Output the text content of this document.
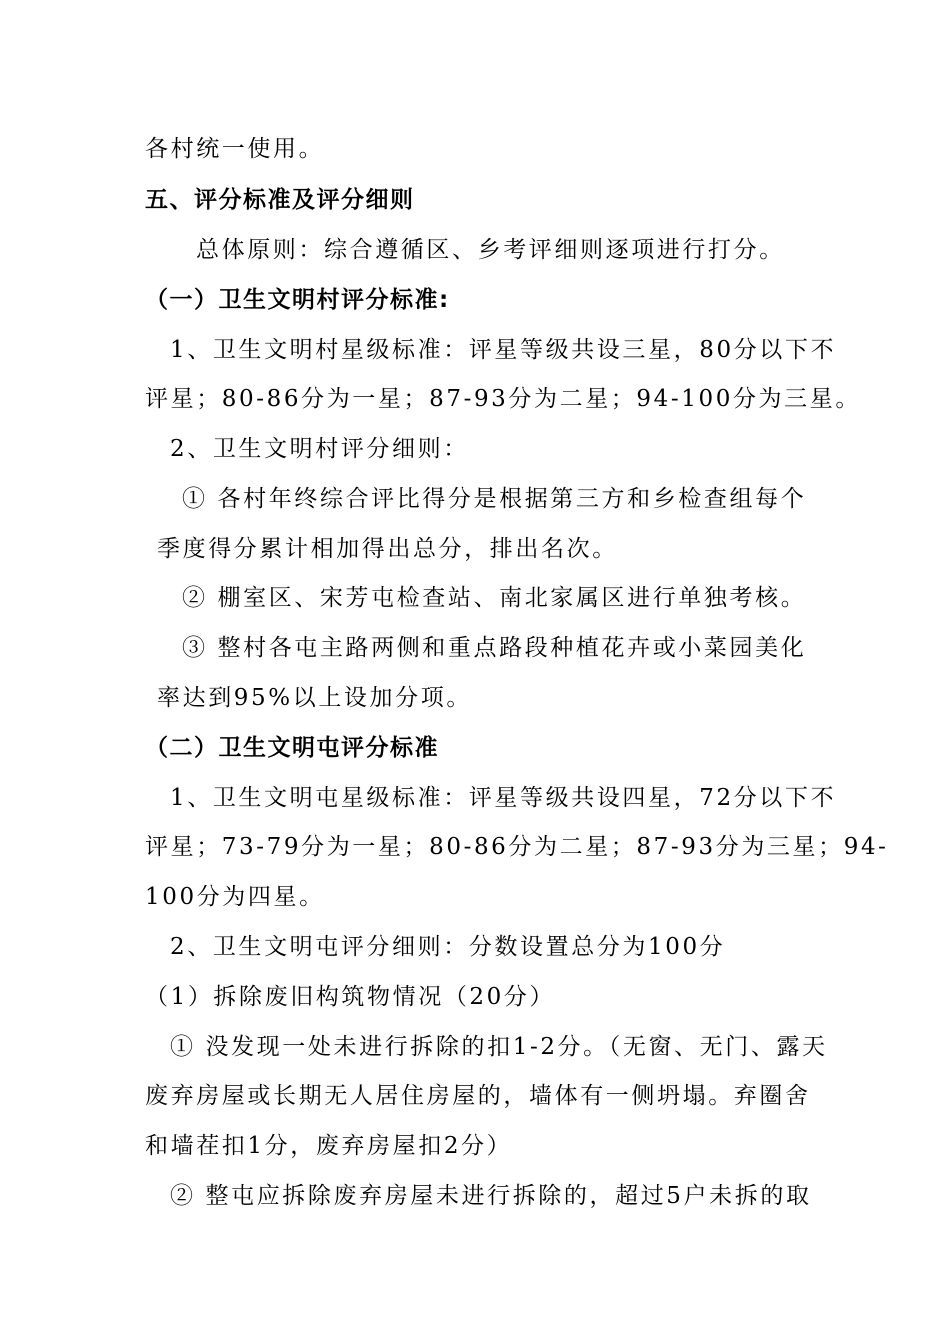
各村统一使用。
五、评分标准及评分细则
总体原则：综合遵循区、乡考评细则逐项进行打分。
（一）卫生文明村评分标准:
1、卫生文明村星级标准：评星等级共设三星，80分以下不
评星；80-86分为一星；87-93分为二星；94-100分为三星。
2、卫生文明村评分细则：
① 各村年终综合评比得分是根据第三方和乡检查组每个
季度得分累计相加得出总分，排出名次。
② 棚室区、宋芳屯检查站、南北家属区进行单独考核。
③ 整村各屯主路两侧和重点路段种植花卉或小菜园美化
率达到95%以上设加分项。
（二）卫生文明屯评分标准
1、卫生文明屯星级标准：评星等级共设四星，72分以下不
评星；73-79分为一星；80-86分为二星；87-93分为三星；94-
100分为四星。
2、卫生文明屯评分细则：分数设置总分为100分
（1）拆除废旧构筑物情况（20分）
① 没发现一处未进行拆除的扣1-2分。（无窗、无门、露天
废弃房屋或长期无人居住房屋的，墙体有一侧坍塌。弃圈舍
和墙茬扣1分，废弃房屋扣2分）
② 整屯应拆除废弃房屋未进行拆除的，超过5户未拆的取
